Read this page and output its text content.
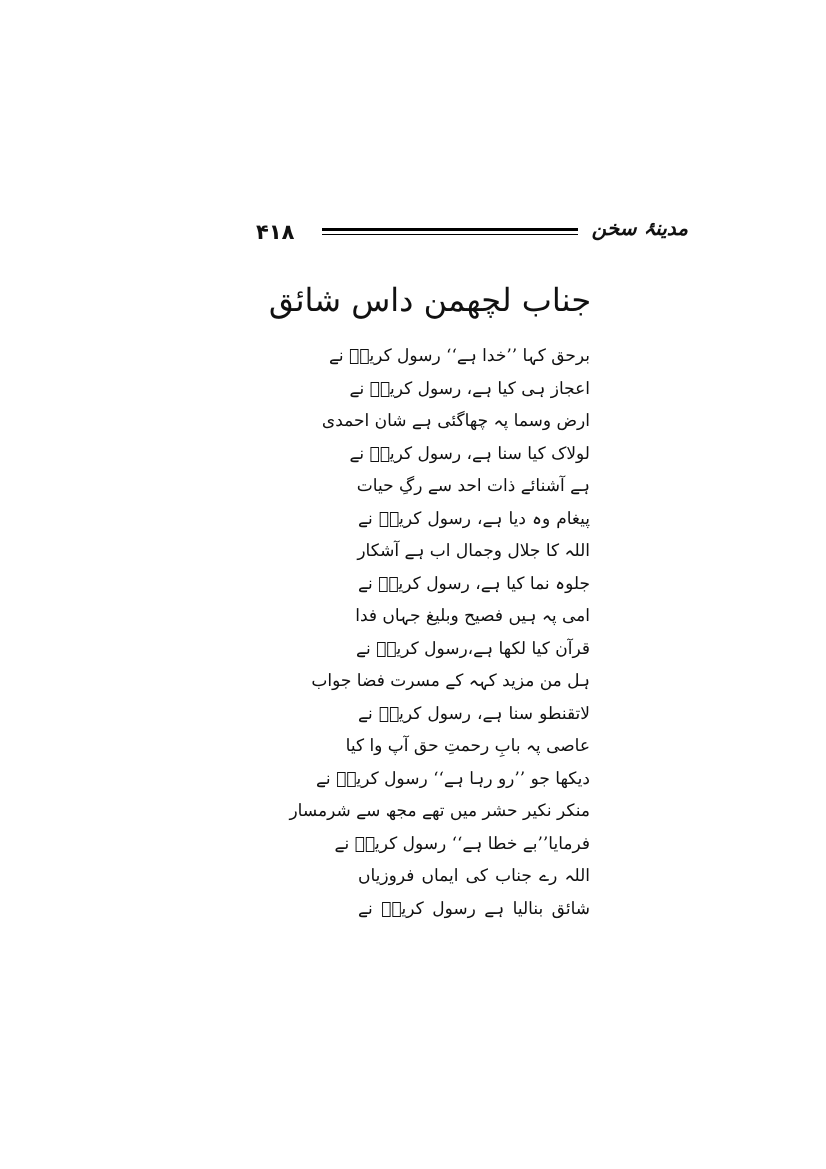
۴۱۸	مدینۂ سخن
جناب لچھمن داس شائق
برحق کہا ’’خدا ہے‘‘ رسول کریمؐ نے
اعجاز ہی کیا ہے، رسول کریمؐ نے
ارض وسما پہ چھاگئی ہے شان احمدی
لولاک کیا سنا ہے، رسول کریمؐ نے
ہے آشنائے ذات احد سے رگِ حیات
پیغام وہ دیا ہے، رسول کریمؐ نے
اللہ کا جلال وجمال اب ہے آشکار
جلوہ نما کیا ہے، رسول کریمؐ نے
امی پہ ہیں فصیح وبلیغ جہاں فدا
قرآن کیا لکھا ہے،رسول کریمؐ نے
ہل من مزید کہہ کے مسرت فضا جواب
لاتقنطو سنا ہے، رسول کریمؐ نے
عاصی پہ بابِ رحمتِ حق آپ وا کیا
دیکھا جو ’’رو رہا ہے‘‘ رسول کریمؐ نے
منکر نکیر حشر میں تھے مجھ سے شرمسار
فرمایا’’بے خطا ہے‘‘ رسول کریمؐ نے
اللہ رے جناب کی ایماں فروزیاں
شائق بنالیا ہے رسول کریمؐ نے
